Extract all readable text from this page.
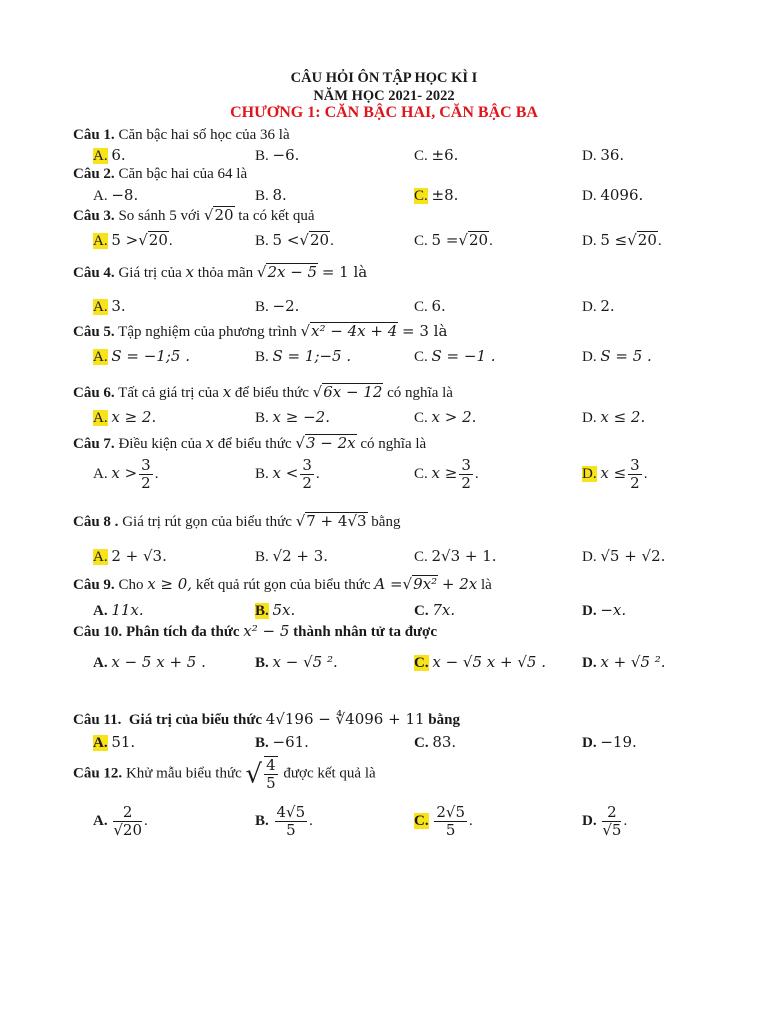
CÂU HỎI ÔN TẬP HỌC KÌ I
NĂM HỌC 2021- 2022
CHƯƠNG 1: CĂN BẬC HAI, CĂN BẬC BA
Câu 1. Căn bậc hai số học của 36 là
A. 6.	B. −6.	C. ±6.	D. 36.
Câu 2. Căn bậc hai của 64 là
A. −8.	B. 8.	C. ±8.	D. 4096.
Câu 3. So sánh 5 với √20 ta có kết quả
A. 5 >√20.	B. 5 <√20.	C. 5 =√20.	D. 5 ≤√20.
Câu 4. Giá trị của x thỏa mãn √2x − 5 = 1 là
A. 3.	B. −2.	C. 6.	D. 2.
Câu 5. Tập nghiệm của phương trình √x² − 4x + 4 = 3 là
A. S = −1;5 .	B. S = 1;−5 .	C. S = −1 .	D. S = 5 .
Câu 6. Tất cả giá trị của x để biểu thức √6x − 12 có nghĩa là
A. x ≥ 2.	B. x ≥ −2.	C. x > 2.	D. x ≤ 2.
Câu 7. Điều kiện của x để biểu thức √3 − 2x có nghĩa là
A. $x > \frac{3}{2}$ .	B. $x < \frac{3}{2}$ .	C. $x \ge \frac{3}{2}$ .	D. $x \le \frac{3}{2}$ .
Câu 8 . Giá trị rút gọn của biểu thức √7 + 4√3 bằng
A. 2 + √3.	B. √2 + 3.	C. 2√3 + 1.	D. √5 + √2.
Câu 9. Cho x ≥ 0, kết quả rút gọn của biểu thức A =√9x² + 2x là
A. 11x.	B. 5x.	C. 7x.	D. −x.
Câu 10. Phân tích đa thức x² − 5 thành nhân tử ta được
A. x − 5 x + 5 .	B. x − √5 ².	C. x − √5 x + √5 . D. x + √5 ².
Câu 11. Giá trị của biểu thức 4√196 − ∜4096 + 11 bằng
A. 51.	B. −61.	C. 83.	D. −19.
Câu 12. Khử mẫu biểu thức √ $\frac{4}{5}$ được kết quả là
A. $\frac{2}{√20}$ .	B. $\frac{4√5}{5}$ .	C. $\frac{2√5}{5}$ .	D. $\frac{2}{√5}$ .
